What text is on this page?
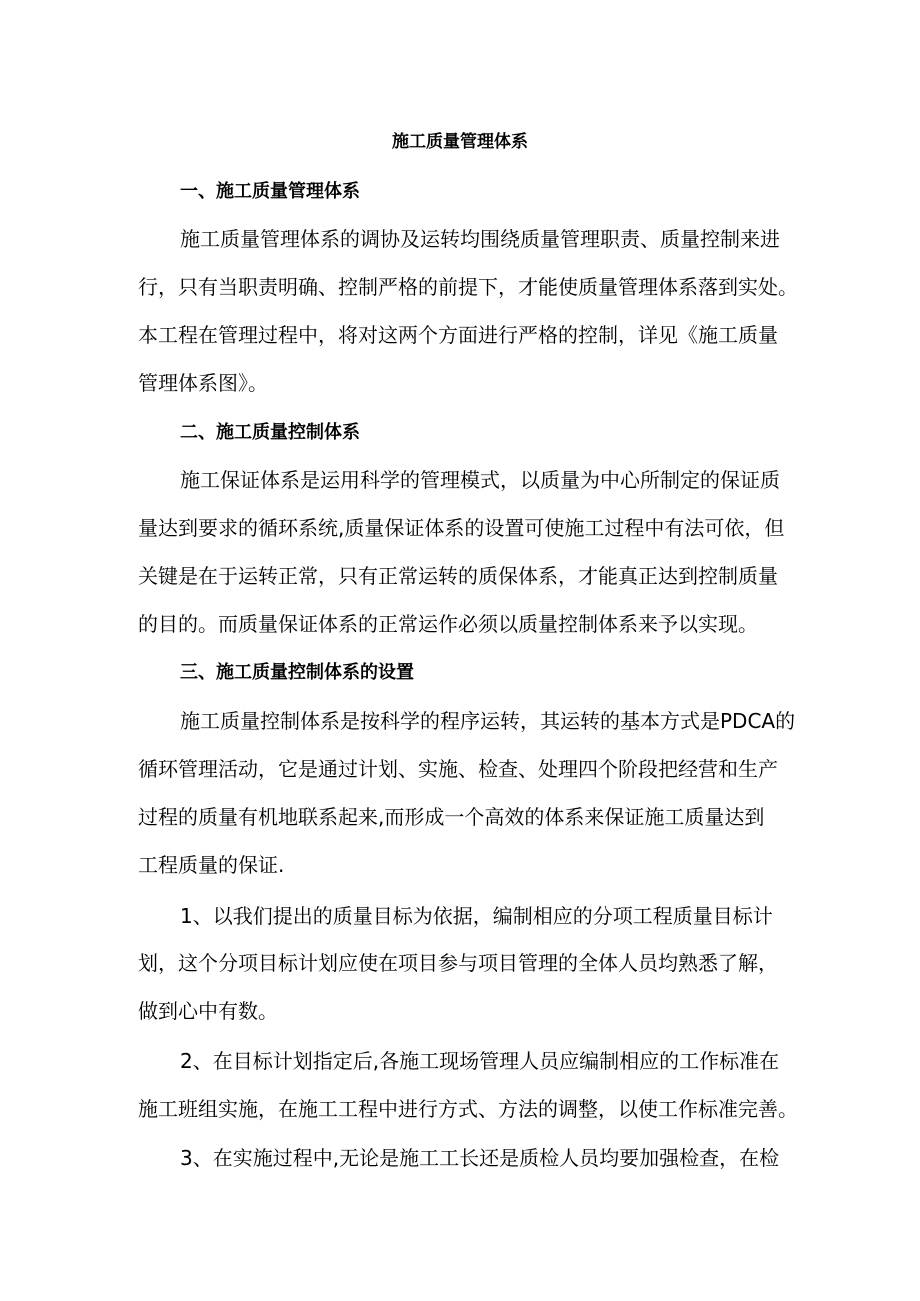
施工质量管理体系
一、施工质量管理体系
施工质量管理体系的调协及运转均围绕质量管理职责、质量控制来进
行，只有当职责明确、控制严格的前提下，才能使质量管理体系落到实处。
本工程在管理过程中，将对这两个方面进行严格的控制，详见《施工质量
管理体系图》。
二、施工质量控制体系
施工保证体系是运用科学的管理模式，以质量为中心所制定的保证质
量达到要求的循环系统,质量保证体系的设置可使施工过程中有法可依，但
关键是在于运转正常，只有正常运转的质保体系，才能真正达到控制质量
的目的。而质量保证体系的正常运作必须以质量控制体系来予以实现。
三、施工质量控制体系的设置
施工质量控制体系是按科学的程序运转，其运转的基本方式是PDCA的
循环管理活动，它是通过计划、实施、检查、处理四个阶段把经营和生产
过程的质量有机地联系起来,而形成一个高效的体系来保证施工质量达到
工程质量的保证.
1、以我们提出的质量目标为依据，编制相应的分项工程质量目标计
划，这个分项目标计划应使在项目参与项目管理的全体人员均熟悉了解，
做到心中有数。
2、在目标计划指定后,各施工现场管理人员应编制相应的工作标准在
施工班组实施，在施工工程中进行方式、方法的调整，以使工作标准完善。
3、在实施过程中,无论是施工工长还是质检人员均要加强检查，在检
